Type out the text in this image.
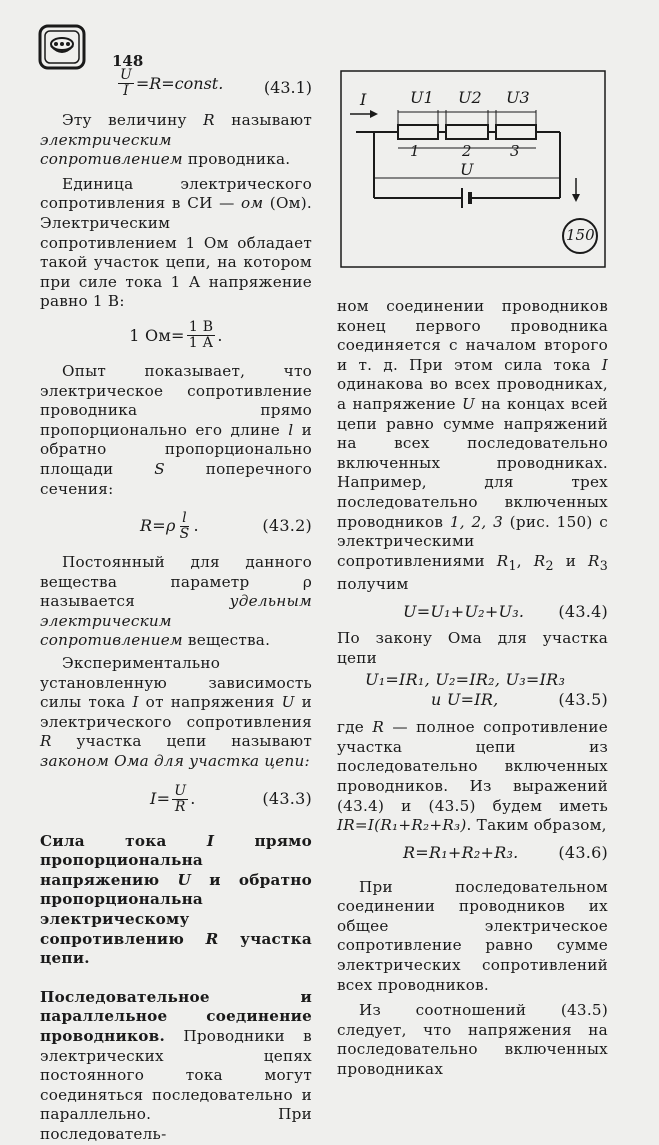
148
$\frac{U}{I}$ =R=const.	(43.1)

Эту величину R называют электрическим сопротивлением проводника.

Единица электрического сопротивления в СИ — ом (Ом). Электрическим сопротивлением 1 Ом обладает такой участок цепи, на котором при силе тока 1 А напряжение равно 1 В:

1 $Ом= \frac{1 В}{1 А}$ .

Опыт показывает, что электрическое сопротивление проводника прямо пропорционально его длине l и обратно пропорционально площади S поперечного сечения:

$R=\rho \frac{l}{S}$ .	(43.2)

Постоянный для данного вещества параметр ρ называется удельным электрическим сопротивлением вещества.

Экспериментально установленную зависимость силы тока I от напряжения U и электрического сопротивления R участка цепи называют законом Ома для участка цепи:

$I= \frac{U}{R}$ .	(43.3)

Сила тока I прямо пропорциональна напряжению U и обратно пропорциональна электрическому сопротивлению R участка цепи.

Последовательное и параллельное соединение проводников. Проводники в электрических цепях постоянного тока могут соединяться последовательно и параллельно. При последователь-

I	U1 U2 U3
1	2	3
U
150

ном соединении проводников конец первого проводника соединяется с началом второго и т. д. При этом сила тока I одинакова во всех проводниках, а напряжение U на концах всей цепи равно сумме напряжений на всех последовательно включенных проводниках. Например, для трех последовательно включенных проводников 1, 2, 3 (рис. 150) с электрическими сопротивлениями $R_1$, $R_2$ и $R_3$ получим

U=U₁+U₂+U₃. (43.4)

По закону Ома для участка цепи

U₁=IR₁, U₂=IR₂, U₃=IR₃
и U=IR,	(43.5)

где R — полное сопротивление участка цепи из последовательно включенных проводников. Из выражений (43.4) и (43.5) будем иметь IR=I(R₁+R₂+R₃). Таким образом,

R=R₁+R₂+R₃. (43.6)

При последовательном соединении проводников их общее электрическое сопротивление равно сумме электрических сопротивлений всех проводников.

Из соотношений (43.5) следует, что напряжения на последовательно включенных проводниках
